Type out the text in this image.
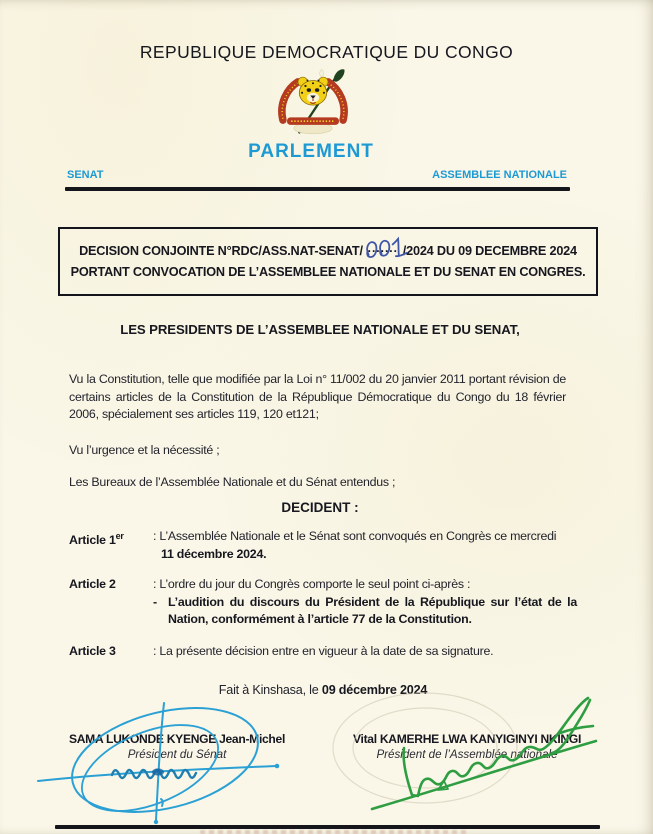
REPUBLIQUE DEMOCRATIQUE DU CONGO
PARLEMENT
SENAT	ASSEMBLEE NATIONALE
DECISION CONJOINTE N°RDC/ASS.NAT-SENAT/ ....... /2024 DU 09 DECEMBRE 2024
PORTANT CONVOCATION DE L’ASSEMBLEE NATIONALE ET DU SENAT EN CONGRES.
LES PRESIDENTS DE L’ASSEMBLEE NATIONALE ET DU SENAT,
Vu la Constitution, telle que modifiée par la Loi n° 11/002 du 20 janvier 2011 portant révision de certains articles de la Constitution de la République Démocratique du Congo du 18 février 2006, spécialement ses articles 119, 120 et121;
Vu l’urgence et la nécessité ;
Les Bureaux de l’Assemblée Nationale et du Sénat entendus ;
DECIDENT :
Article 1er	: L’Assemblée Nationale et le Sénat sont convoqués en Congrès ce mercredi
11 décembre 2024.
Article 2	: L’ordre du jour du Congrès comporte le seul point ci-après :
- L’audition du discours du Président de la République sur l’état de la Nation, conformément à l’article 77 de la Constitution.
Article 3	: La présente décision entre en vigueur à la date de sa signature.
Fait à Kinshasa, le 09 décembre 2024
SAMA LUKONDE KYENGE Jean-Michel
Président du Sénat
Vital KAMERHE LWA KANYIGINYI NKINGI
Président de l’Assemblée nationale
